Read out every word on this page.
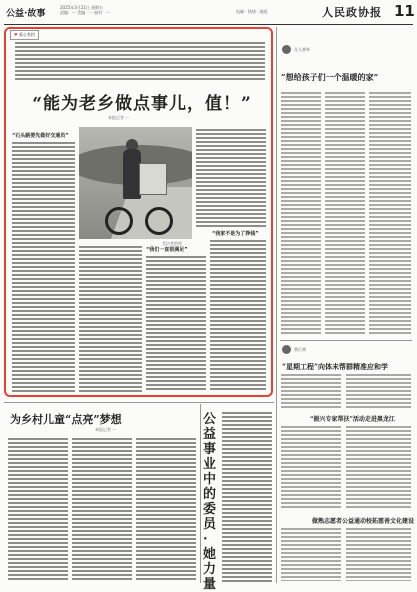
公益·故事
2025年3月21日 星期五
责编：··· 美编：··· 校对：···	电邮 · 热线 · 地址	人民政协报 11
♥ 爱心有约
“能为老乡做点事儿，值！”
本报记者 ···
受访者供图
“石头路要先做好交通员”
“我们一直很满足”
“我家不是为了挣钱”
凡人善举
“想给孩子们一个温暖的家”
我行善
“星期工程”向体未帮群精准应和学
“振兴专家帮扶”活动走进黑龙江
做熟志愿者公益通动校拓慈善文化建设
为乡村儿童“点亮”梦想
本报记者 ···
公益事业中的委员·她力量
